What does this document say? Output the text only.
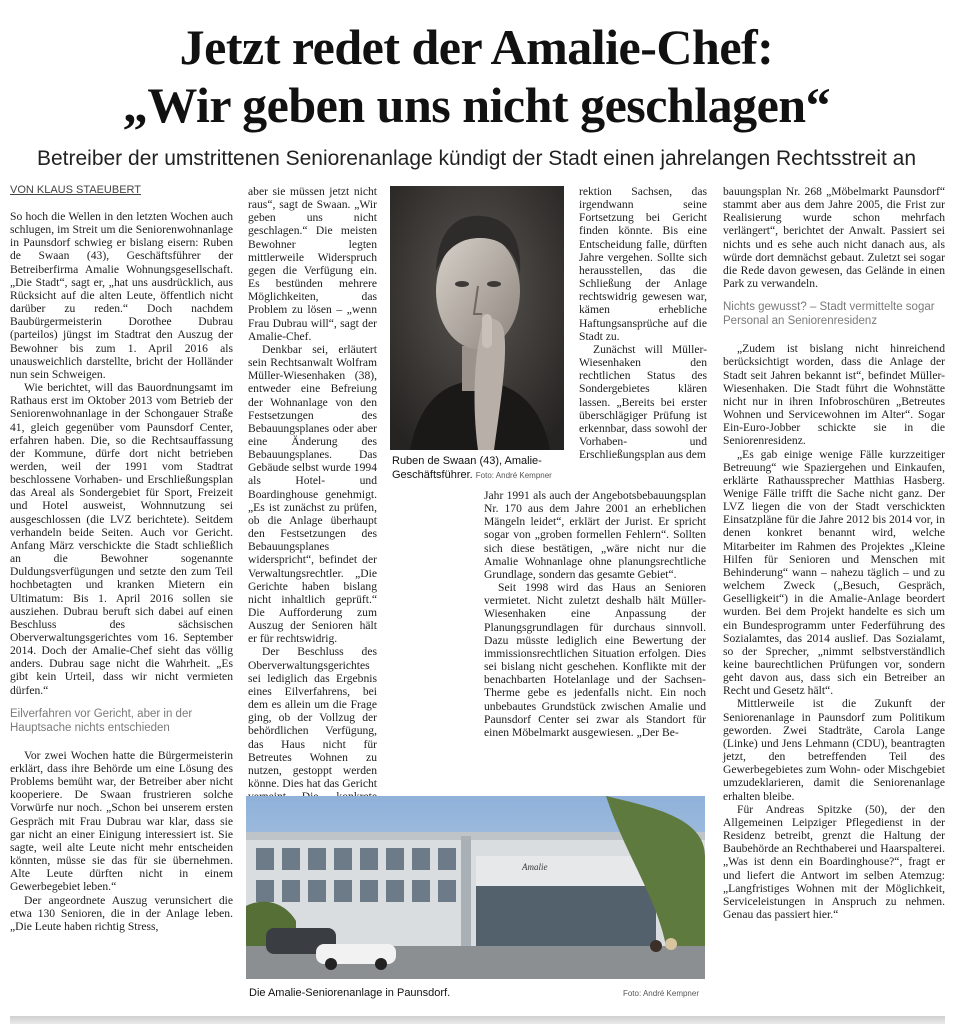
Jetzt redet der Amalie-Chef:
„Wir geben uns nicht geschlagen“
Betreiber der umstrittenen Seniorenanlage kündigt der Stadt einen jahrelangen Rechtsstreit an
VON KLAUS STAEUBERT

So hoch die Wellen in den letzten Wochen auch schlugen, im Streit um die Seniorenwohnanlage in Paunsdorf schwieg er bislang eisern: Ruben de Swaan (43), Geschäftsführer der Betreiberfirma Amalie Wohnungsgesellschaft. „Die Stadt“, sagt er, „hat uns ausdrücklich, aus Rücksicht auf die alten Leute, öffentlich nicht darüber zu reden.“ Doch nachdem Baubürgermeisterin Dorothee Dubrau (parteilos) jüngst im Stadtrat den Auszug der Bewohner bis zum 1. April 2016 als unausweichlich darstellte, bricht der Holländer nun sein Schweigen.

Wie berichtet, will das Bauordnungsamt im Rathaus erst im Oktober 2013 vom Betrieb der Seniorenwohnanlage in der Schongauer Straße 41, gleich gegenüber vom Paunsdorf Center, erfahren haben. Die, so die Rechtsauffassung der Kommune, dürfe dort nicht betrieben werden, weil der 1991 vom Stadtrat beschlossene Vorhaben- und Erschließungsplan das Areal als Sondergebiet für Sport, Freizeit und Hotel ausweist, Wohnnutzung sei ausgeschlossen (die LVZ berichtete). Seitdem verhandeln beide Seiten. Auch vor Gericht. Anfang März verschickte die Stadt schließlich an die Bewohner sogenannte Duldungsverfügungen und setzte den zum Teil hochbetagten und kranken Mietern ein Ultimatum: Bis 1. April 2016 sollen sie ausziehen. Dubrau beruft sich dabei auf einen Beschluss des sächsischen Oberverwaltungsgerichtes vom 16. September 2014. Doch der Amalie-Chef sieht das völlig anders. Dubrau sage nicht die Wahrheit. „Es gibt kein Urteil, dass wir nicht vermieten dürfen.“

Eilverfahren vor Gericht, aber in der Hauptsache nichts entschieden

Vor zwei Wochen hatte die Bürgermeisterin erklärt, dass ihre Behörde um eine Lösung des Problems bemüht war, der Betreiber aber nicht kooperiere. De Swaan frustrieren solche Vorwürfe nur noch. „Schon bei unserem ersten Gespräch mit Frau Dubrau war klar, dass sie gar nicht an einer Einigung interessiert ist. Sie sagte, weil alte Leute nicht mehr entscheiden könnten, müsse sie das für sie übernehmen. Alte Leute dürften nicht in einem Gewerbegebiet leben.“

Der angeordnete Auszug verunsichert die etwa 130 Senioren, die in der Anlage leben. „Die Leute haben richtig Stress,

aber sie müssen jetzt nicht raus“, sagt de Swaan. „Wir geben uns nicht geschlagen.“ Die meisten Bewohner legten mittlerweile Widerspruch gegen die Verfügung ein. Es bestünden mehrere Möglichkeiten, das Problem zu lösen – „wenn Frau Dubrau will“, sagt der Amalie-Chef.

Denkbar sei, erläutert sein Rechtsanwalt Wolfram Müller-Wiesenhaken (38), entweder eine Befreiung der Wohnanlage von den Festsetzungen des Bebauungsplanes oder aber eine Änderung des Bebauungsplanes. Das Gebäude selbst wurde 1994 als Hotel- und Boardinghouse genehmigt. „Es ist zunächst zu prüfen, ob die Anlage überhaupt den Festsetzungen des Bebauungsplanes widerspricht“, befindet der Verwaltungsrechtler. „Die Gerichte haben bislang nicht inhaltlich geprüft.“ Die Aufforderung zum Auszug der Senioren hält er für rechtswidrig.

Der Beschluss des Oberverwaltungsgerichtes sei lediglich das Ergebnis eines Eilverfahrens, bei dem es allein um die Frage ging, ob der Vollzug der behördlichen Verfügung, das Haus nicht für Betreutes Wohnen zu nutzen, gestoppt werden könne. Dies hat das Gericht

Ruben de Swaan (43), Amalie-Geschäftsführer. Foto: André Kempner

rektion Sachsen, das irgendwann seine Fortsetzung bei Gericht finden könnte. Bis eine Entscheidung falle, dürften Jahre vergehen. Sollte sich herausstellen, das die Schließung der Anlage rechtswidrig gewesen war, kämen erhebliche Haftungsansprüche auf die Stadt zu.

Zunächst will Müller-Wiesenhaken den rechtlichen Status des Sondergebietes klären lassen. „Bereits bei erster überschlägiger Prüfung ist erkennbar, dass sowohl der Vorhaben- und Erschließungsplan aus dem

Jahr 1991 als auch der Angebotsbebauungsplan Nr. 170 aus dem Jahre 2001 an erheblichen Mängeln leidet“, erklärt der Jurist. Er spricht sogar von „groben formellen Fehlern“. Sollten sich diese bestätigen, „wäre nicht nur die Amalie Wohnanlage ohne planungsrechtliche Grundlage, sondern das gesamte Gebiet“.

Seit 1998 wird das Haus an Senioren vermietet. Nicht zuletzt deshalb hält Müller-Wiesenhaken eine Anpassung der Planungsgrundlagen für durchaus sinnvoll. Dazu müsste lediglich eine Bewertung der immissionsrechtlichen Situation erfolgen. Dies sei bislang nicht geschehen. Konflikte mit der benachbarten Hotelanlage und der Sachsen-Therme gebe es jedenfalls nicht. Ein noch unbebautes Grundstück zwischen Amalie und Paunsdorf Center sei zwar als Standort für einen Möbelmarkt ausgewiesen. „Der Be-

bauungsplan Nr. 268 „Möbelmarkt Paunsdorf“ stammt aber aus dem Jahre 2005, die Frist zur Realisierung wurde schon mehrfach verlängert“, berichtet der Anwalt. Passiert sei nichts und es sehe auch nicht danach aus, als würde dort demnächst gebaut. Zuletzt sei sogar die Rede davon gewesen, das Gelände in einen Park zu verwandeln.

Nichts gewusst? – Stadt vermittelte sogar Personal an Seniorenresidenz

„Zudem ist bislang nicht hinreichend berücksichtigt worden, dass die Anlage der Stadt seit Jahren bekannt ist“, befindet Müller-Wiesenhaken. Die Stadt führt die Wohnstätte nicht nur in ihren Infobroschüren „Betreutes Wohnen und Servicewohnen im Alter“. Sogar Ein-Euro-Jobber schickte sie in die Seniorenresidenz.

„Es gab einige wenige Fälle kurzzeitiger Betreuung“ wie Spaziergehen und Einkaufen, erklärte Rathaussprecher Matthias Hasberg. Wenige Fälle trifft die Sache nicht ganz. Der LVZ liegen die von der Stadt verschickten Einsatzpläne für die Jahre 2012 bis 2014 vor, in denen konkret benannt wird, welche Mitarbeiter im Rahmen des Projektes „Kleine Hilfen für Senioren und Menschen mit Behinderung“ wann – nahezu täglich – und zu welchem Zweck („Besuch, Gespräch, Geselligkeit“) in die Amalie-Anlage beordert wurden. Bei dem Projekt handelte es sich um ein Bundesprogramm unter Federführung des Sozialamtes, das 2014 auslief. Das Sozialamt, so der Sprecher, „nimmt selbstverständlich keine baurechtlichen Prüfungen vor, sondern geht davon aus, dass sich ein Betreiber an Recht und Gesetz hält“.

Mittlerweile ist die Zukunft der Seniorenanlage in Paunsdorf zum Politikum geworden. Zwei Stadträte, Carola Lange (Linke) und Jens Lehmann (CDU), beantragten jetzt, den betreffenden Teil des Gewerbegebietes zum Wohn- oder Mischgebiet umzudeklarieren, damit die Seniorenanlage erhalten bleibe.

Für Andreas Spitzke (50), der den Allgemeinen Leipziger Pflegedienst in der Residenz betreibt, grenzt die Haltung der Baubehörde an Rechthaberei und Haarspalterei. „Was ist denn ein Boardinghouse?“, fragt er und liefert die Antwort im selben Atemzug: „Langfristiges Wohnen mit der Möglichkeit, Serviceleistungen in Anspruch zu nehmen. Genau das passiert hier.“

Amalie
Die Amalie-Seniorenanlage in Paunsdorf.	Foto: André Kempner
